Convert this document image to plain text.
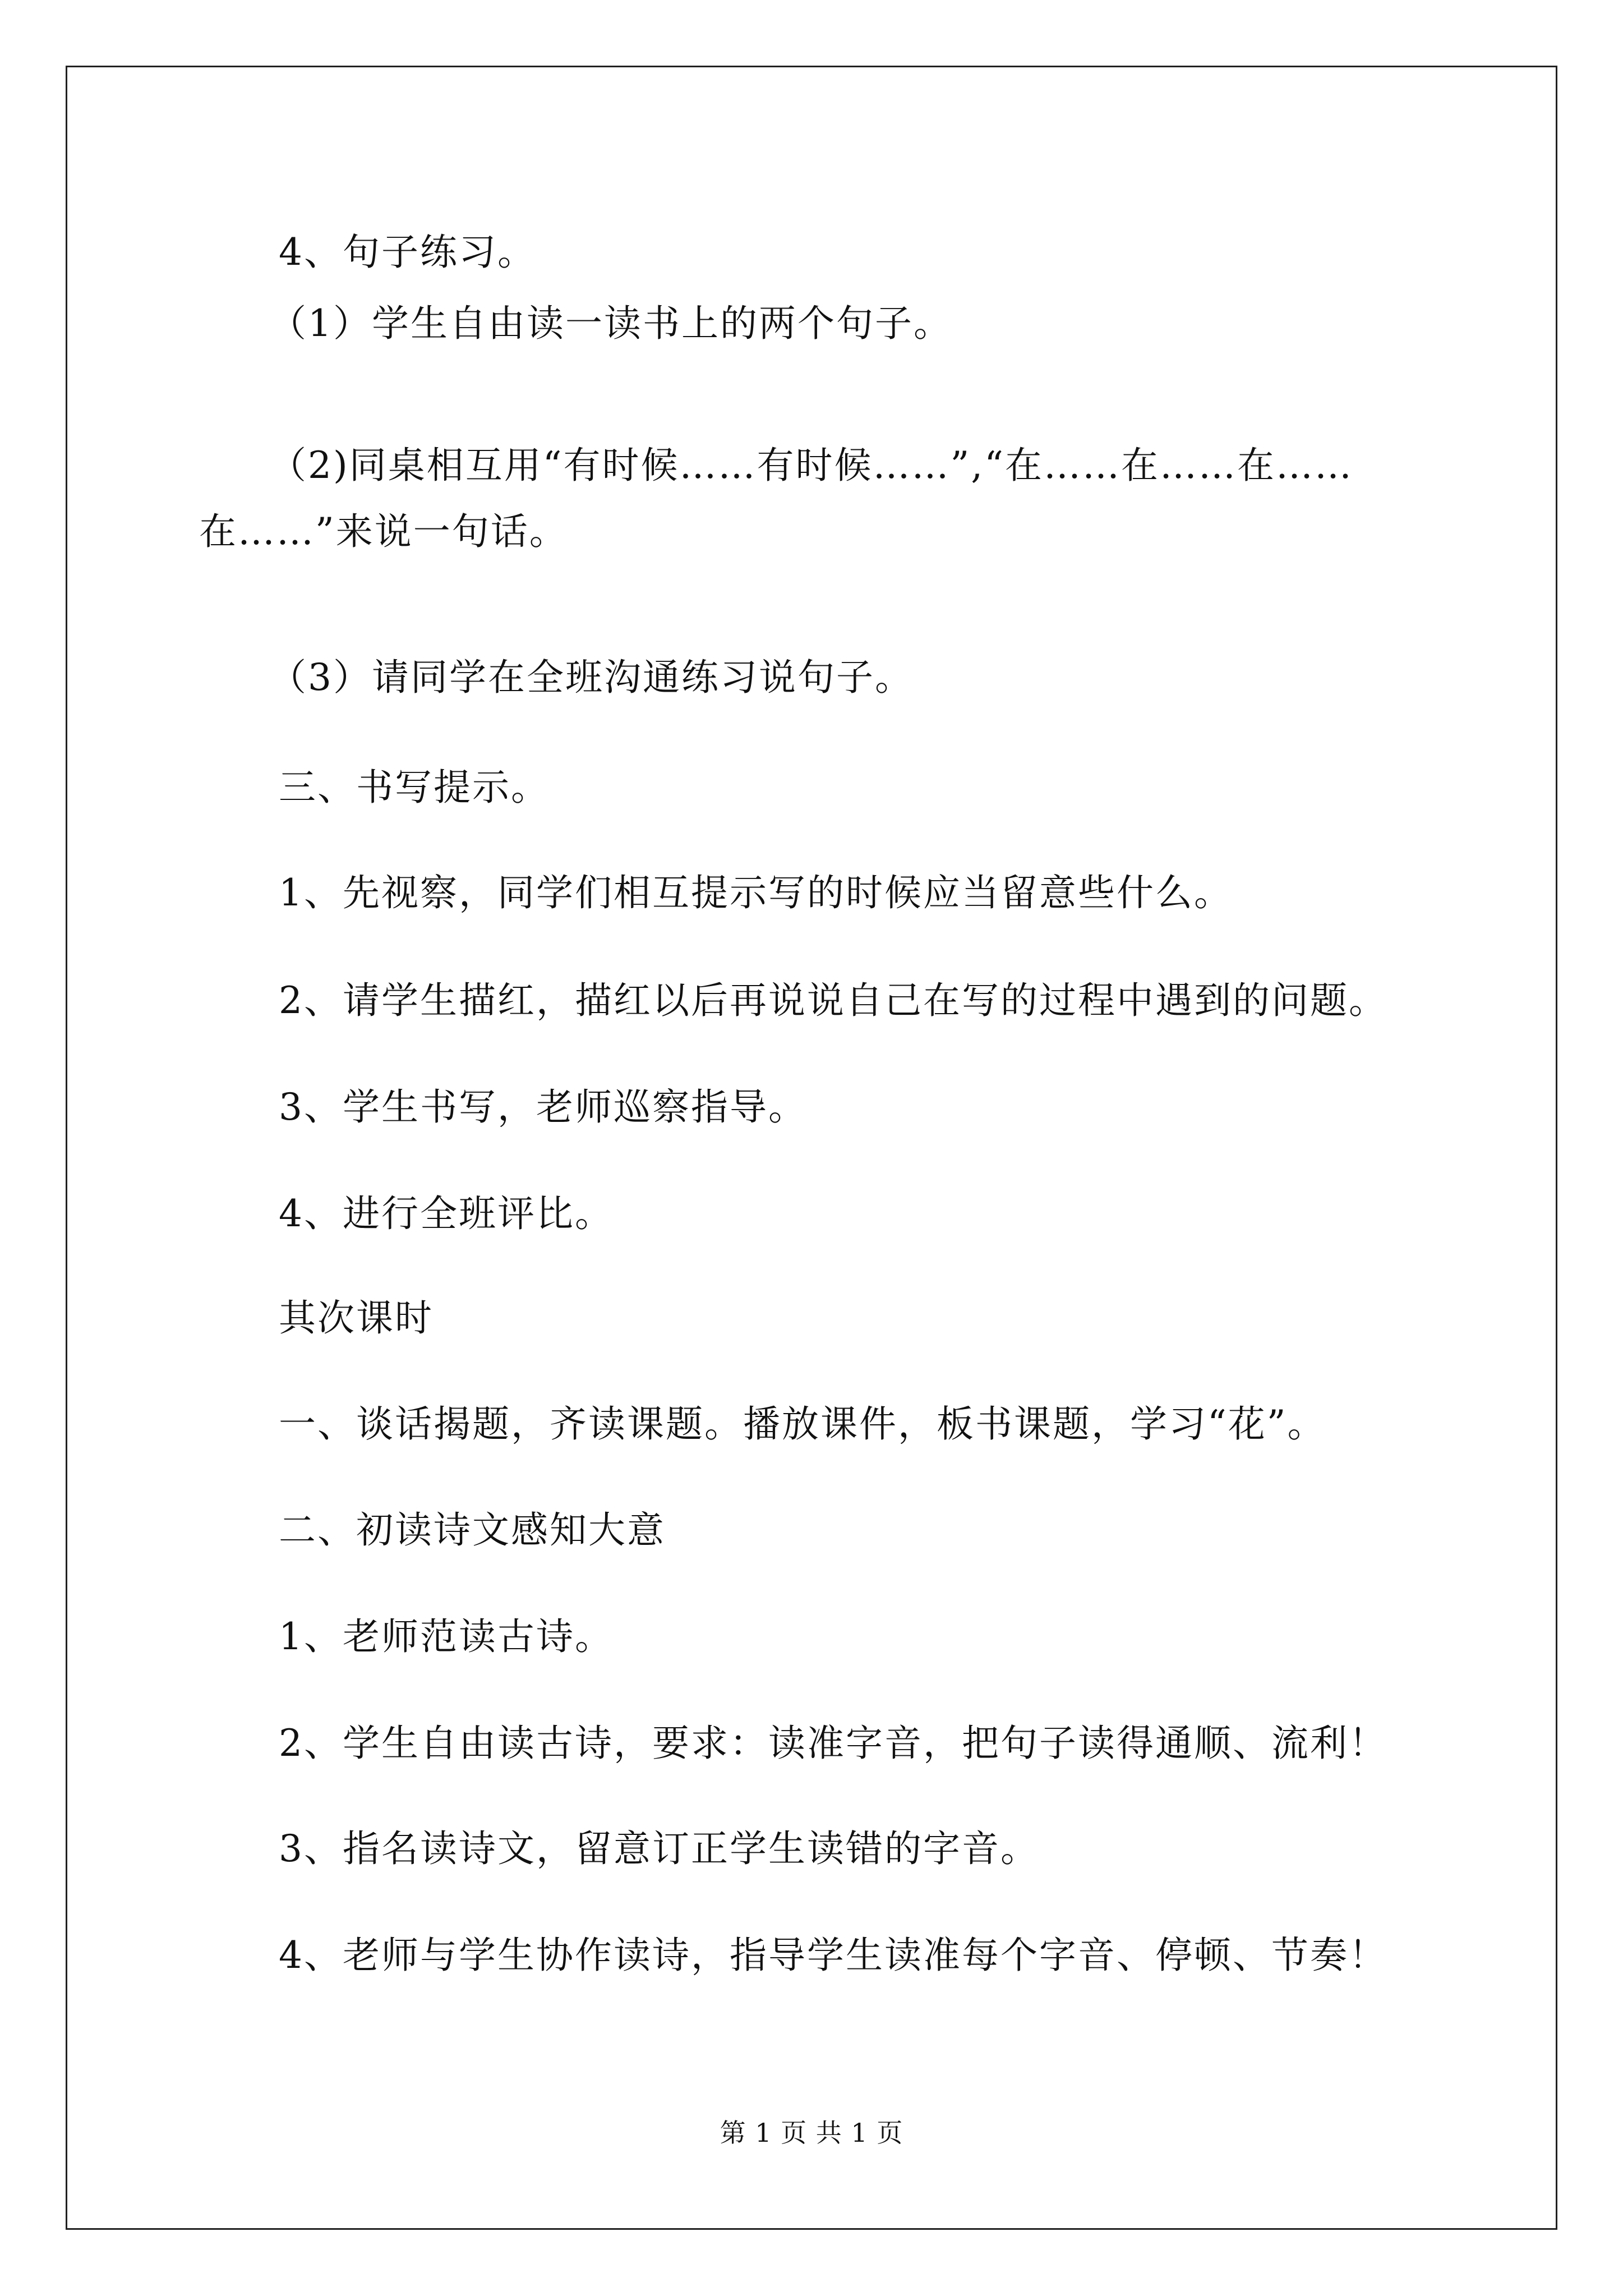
4、句子练习。
（1）学生自由读一读书上的两个句子。
（2)同桌相互用“有时候……有时候……”,“在……在……在……
在……”来说一句话。
（3）请同学在全班沟通练习说句子。
三、书写提示。
1、先视察，同学们相互提示写的时候应当留意些什么。
2、请学生描红，描红以后再说说自己在写的过程中遇到的问题。
3、学生书写，老师巡察指导。
4、进行全班评比。
其次课时
一、谈话揭题，齐读课题。播放课件，板书课题，学习“花”。
二、初读诗文感知大意
1、老师范读古诗。
2、学生自由读古诗，要求：读准字音，把句子读得通顺、流利！
3、指名读诗文，留意订正学生读错的字音。
4、老师与学生协作读诗，指导学生读准每个字音、停顿、节奏！
第 1 页 共 1 页
